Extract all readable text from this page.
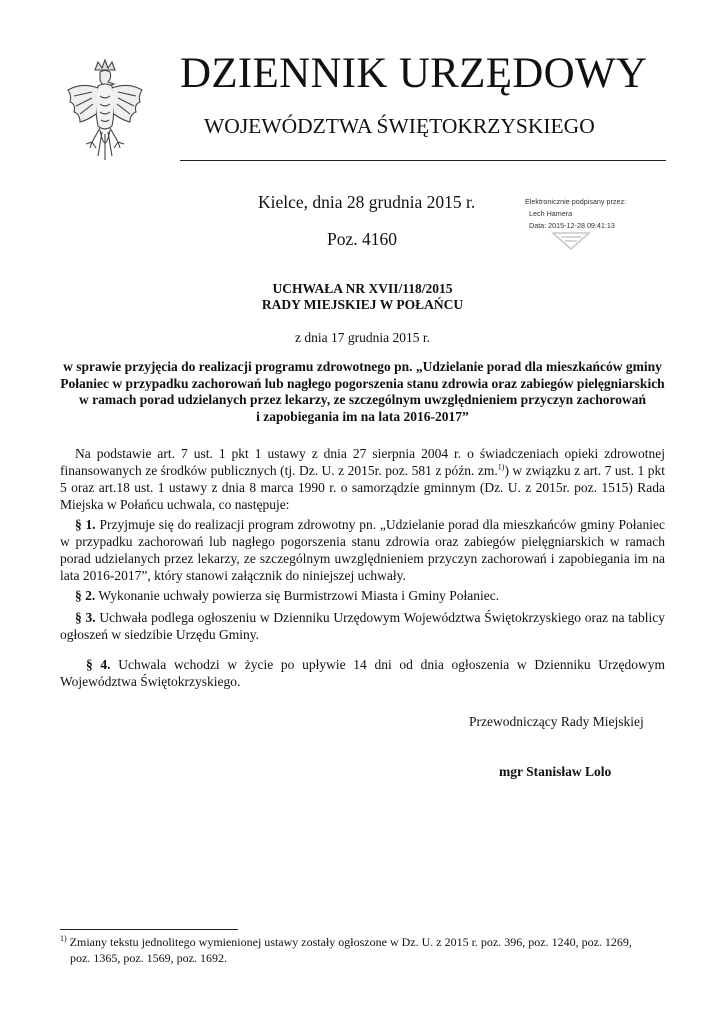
DZIENNIK URZĘDOWY
WOJEWÓDZTWA ŚWIĘTOKRZYSKIEGO
Kielce, dnia 28 grudnia 2015 r.
Poz. 4160
Elektronicznie podpisany przez:
Lech Hamera
Data: 2015-12-28 09:41:13
UCHWAŁA NR XVII/118/2015
RADY MIEJSKIEJ W POŁAŃCU
z dnia 17 grudnia 2015 r.
w sprawie przyjęcia do realizacji programu zdrowotnego pn. „Udzielanie porad dla mieszkańców gminy
Połaniec w przypadku zachorowań lub nagłego pogorszenia stanu zdrowia oraz zabiegów pielęgniarskich
w ramach porad udzielanych przez lekarzy, ze szczególnym uwzględnieniem przyczyn zachorowań
i zapobiegania im na lata 2016-2017”
Na podstawie art. 7 ust. 1 pkt 1 ustawy z dnia 27 sierpnia 2004 r. o świadczeniach opieki zdrowotnej finansowanych ze środków publicznych (tj. Dz. U. z 2015r. poz. 581 z późn. zm.$^{1)}$) w związku z art. 7 ust. 1 pkt 5 oraz art.18 ust. 1 ustawy z dnia 8 marca 1990 r. o samorządzie gminnym (Dz. U. z 2015r. poz. 1515) Rada Miejska w Połańcu uchwala, co następuje:
§ 1. Przyjmuje się do realizacji program zdrowotny pn. „Udzielanie porad dla mieszkańców gminy Połaniec w przypadku zachorowań lub nagłego pogorszenia stanu zdrowia oraz zabiegów pielęgniarskich w ramach porad udzielanych przez lekarzy, ze szczególnym uwzględnieniem przyczyn zachorowań i zapobiegania im na lata 2016-2017”, który stanowi załącznik do niniejszej uchwały.
§ 2. Wykonanie uchwały powierza się Burmistrzowi Miasta i Gminy Połaniec.
§ 3. Uchwała podlega ogłoszeniu w Dzienniku Urzędowym Województwa Świętokrzyskiego oraz na tablicy ogłoszeń w siedzibie Urzędu Gminy.
§ 4. Uchwala wchodzi w życie po upływie 14 dni od dnia ogłoszenia w Dzienniku Urzędowym Województwa Świętokrzyskiego.
Przewodniczący Rady Miejskiej
mgr Stanisław Lolo
$^{1)}$ Zmiany tekstu jednolitego wymienionej ustawy zostały ogłoszone w Dz. U. z 2015 r. poz. 396, poz. 1240, poz. 1269,
poz. 1365, poz. 1569, poz. 1692.
